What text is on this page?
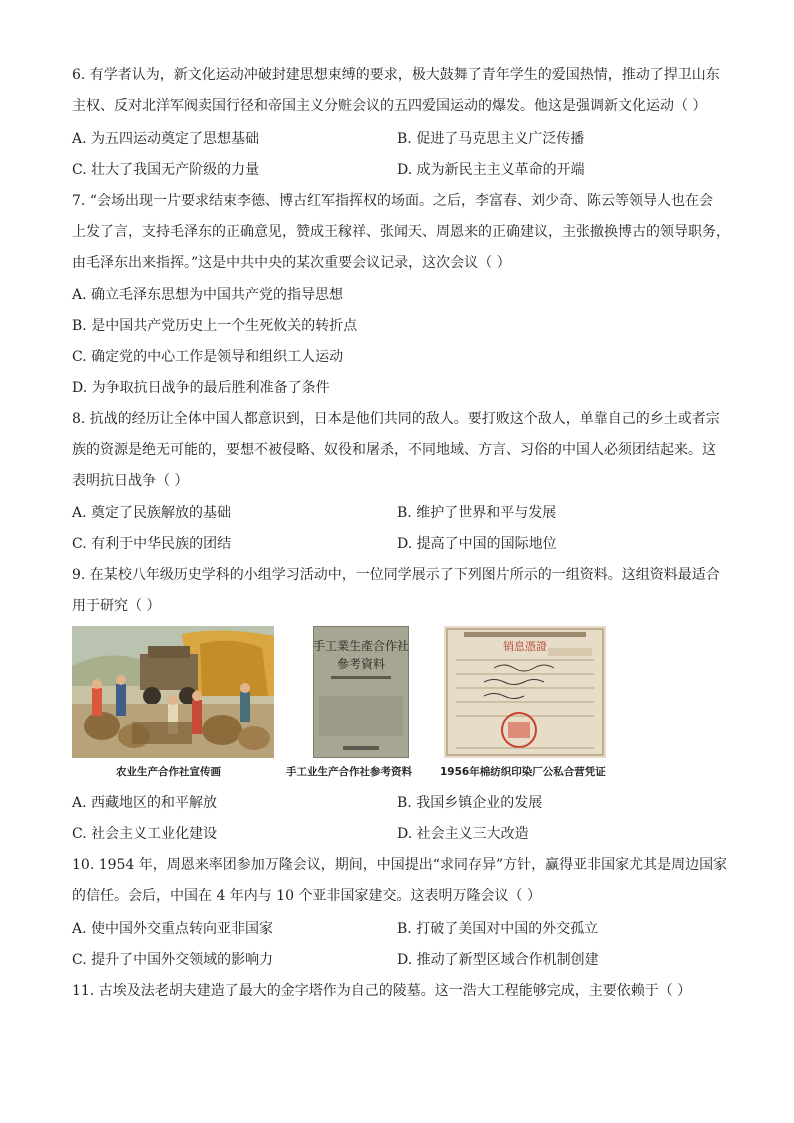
6. 有学者认为，新文化运动冲破封建思想束缚的要求，极大鼓舞了青年学生的爱国热情，推动了捍卫山东

主权、反对北洋军阀卖国行径和帝国主义分赃会议的五四爱国运动的爆发。他这是强调新文化运动（ ）

A. 为五四运动奠定了思想基础	B. 促进了马克思主义广泛传播
C. 壮大了我国无产阶级的力量	D. 成为新民主主义革命的开端

7. “会场出现一片要求结束李德、博古红军指挥权的场面。之后，李富春、刘少奇、陈云等领导人也在会

上发了言，支持毛泽东的正确意见，赞成王稼祥、张闻天、周恩来的正确建议，主张撤换博古的领导职务，

由毛泽东出来指挥。”这是中共中央的某次重要会议记录，这次会议（ ）

A. 确立毛泽东思想为中国共产党的指导思想
B. 是中国共产党历史上一个生死攸关的转折点
C. 确定党的中心工作是领导和组织工人运动
D. 为争取抗日战争的最后胜利准备了条件

8. 抗战的经历让全体中国人都意识到，日本是他们共同的敌人。要打败这个敌人，单靠自己的乡土或者宗

族的资源是绝无可能的，要想不被侵略、奴役和屠杀，不同地域、方言、习俗的中国人必须团结起来。这

表明抗日战争（ ）

A. 奠定了民族解放的基础	B. 维护了世界和平与发展
C. 有利于中华民族的团结	D. 提高了中国的国际地位

9. 在某校八年级历史学科的小组学习活动中，一位同学展示了下列图片所示的一组资料。这组资料最适合

用于研究（ ）

农业生产合作社宣传画
手工業生產合作社
參考資料
手工业生产合作社参考资料
销息憑證
1956年棉纺织印染厂公私合营凭证
A. 西藏地区的和平解放	B. 我国乡镇企业的发展
C. 社会主义工业化建设	D. 社会主义三大改造

10. 1954 年，周恩来率团参加万隆会议，期间，中国提出“求同存异”方针，赢得亚非国家尤其是周边国家

的信任。会后，中国在 4 年内与 10 个亚非国家建交。这表明万隆会议（ ）

A. 使中国外交重点转向亚非国家	B. 打破了美国对中国的外交孤立
C. 提升了中国外交领域的影响力	D. 推动了新型区域合作机制创建

11. 古埃及法老胡夫建造了最大的金字塔作为自己的陵墓。这一浩大工程能够完成，主要依赖于（ ）
